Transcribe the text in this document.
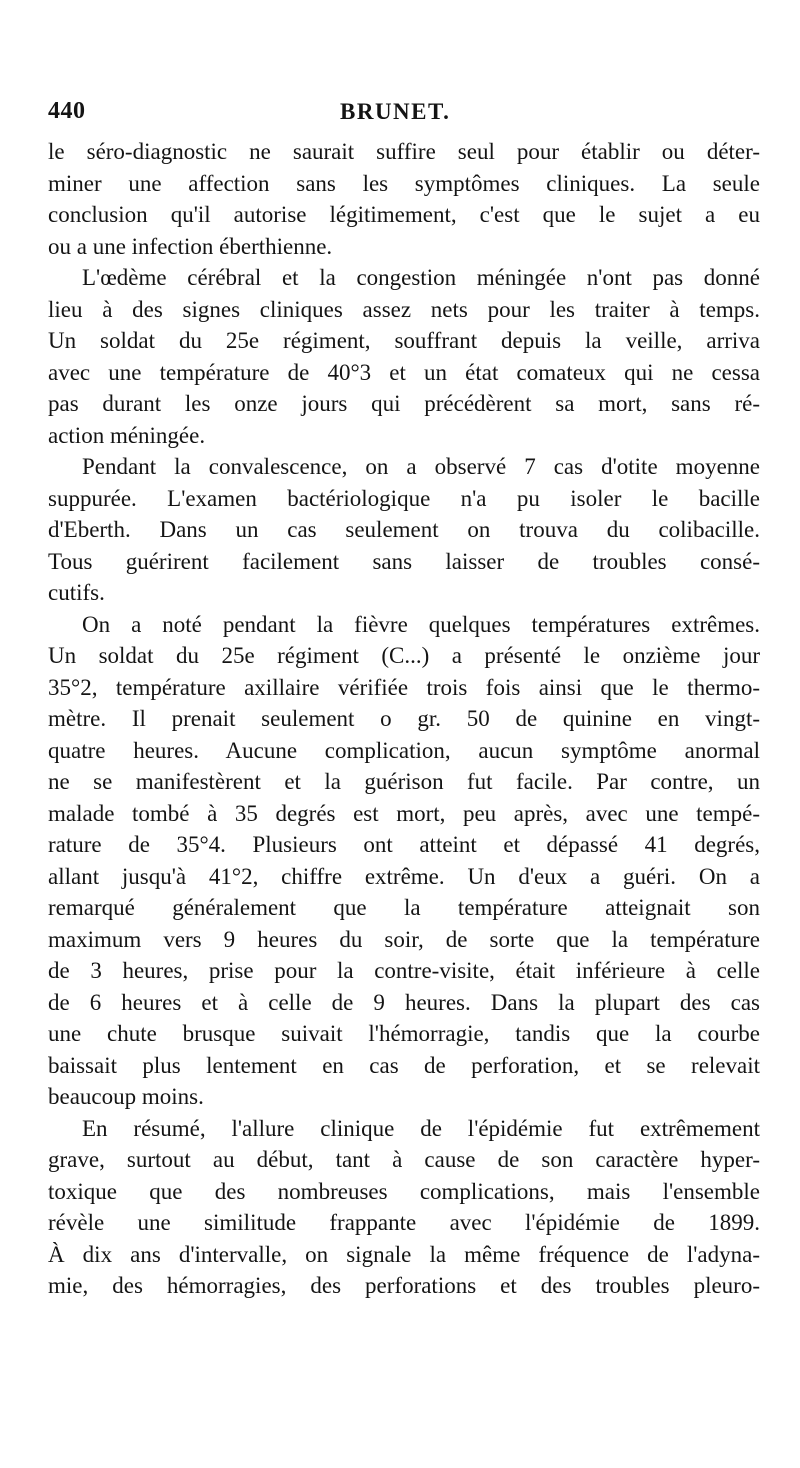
440	BRUNET.
le séro-diagnostic ne saurait suffire seul pour établir ou déter-
miner une affection sans les symptômes cliniques. La seule
conclusion qu'il autorise légitimement, c'est que le sujet a eu
ou a une infection éberthienne.
L'œdème cérébral et la congestion méningée n'ont pas donné
lieu à des signes cliniques assez nets pour les traiter à temps.
Un soldat du 25e régiment, souffrant depuis la veille, arriva
avec une température de 40°3 et un état comateux qui ne cessa
pas durant les onze jours qui précédèrent sa mort, sans ré-
action méningée.
Pendant la convalescence, on a observé 7 cas d'otite moyenne
suppurée. L'examen bactériologique n'a pu isoler le bacille
d'Eberth. Dans un cas seulement on trouva du colibacille.
Tous guérirent facilement sans laisser de troubles consé-
cutifs.
On a noté pendant la fièvre quelques températures extrêmes.
Un soldat du 25e régiment (C...) a présenté le onzième jour
35°2, température axillaire vérifiée trois fois ainsi que le thermo-
mètre. Il prenait seulement o gr. 50 de quinine en vingt-
quatre heures. Aucune complication, aucun symptôme anormal
ne se manifestèrent et la guérison fut facile. Par contre, un
malade tombé à 35 degrés est mort, peu après, avec une tempé-
rature de 35°4. Plusieurs ont atteint et dépassé 41 degrés,
allant jusqu'à 41°2, chiffre extrême. Un d'eux a guéri. On a
remarqué généralement que la température atteignait son
maximum vers 9 heures du soir, de sorte que la température
de 3 heures, prise pour la contre-visite, était inférieure à celle
de 6 heures et à celle de 9 heures. Dans la plupart des cas
une chute brusque suivait l'hémorragie, tandis que la courbe
baissait plus lentement en cas de perforation, et se relevait
beaucoup moins.
En résumé, l'allure clinique de l'épidémie fut extrêmement
grave, surtout au début, tant à cause de son caractère hyper-
toxique que des nombreuses complications, mais l'ensemble
révèle une similitude frappante avec l'épidémie de 1899.
À dix ans d'intervalle, on signale la même fréquence de l'adyna-
mie, des hémorragies, des perforations et des troubles pleuro-
